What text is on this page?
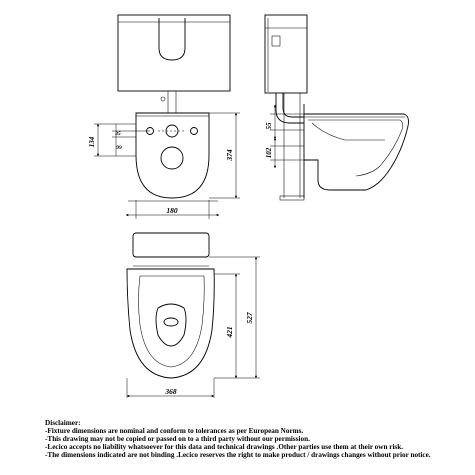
180
374
134
35
99
55
102
368
421
527
Disclaimer:
-Fixture dimensions are nominal and conform to tolerances as per European Norms.
-This drawing may not be copied or passed on to a third party without our permission.
-Lecico accepts no liability whatsoever for this data and technical drawings .Other parties use them at their own risk.
-The dimensions indicated are not binding .Lecico reserves the right to make product / drawings changes without prior notice.
